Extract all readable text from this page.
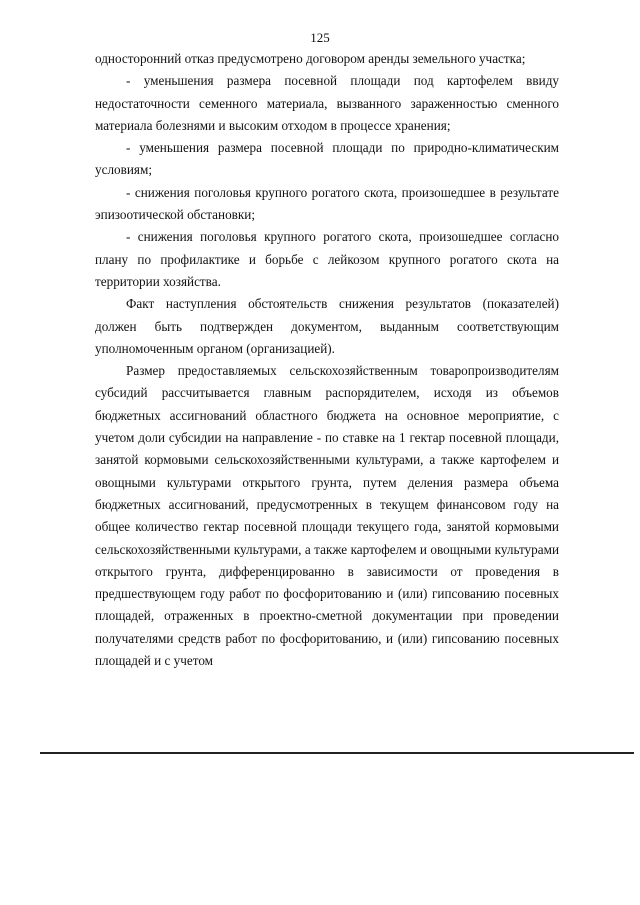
125

односторонний отказ предусмотрено договором аренды земельного участка;

- уменьшения размера посевной площади под картофелем ввиду недостаточности семенного материала, вызванного зараженностью сменного материала болезнями и высоким отходом в процессе хранения;

- уменьшения размера посевной площади по природно-климатическим условиям;

- снижения поголовья крупного рогатого скота, произошедшее в результате эпизоотической обстановки;

- снижения поголовья крупного рогатого скота, произошедшее согласно плану по профилактике и борьбе с лейкозом крупного рогатого скота на территории хозяйства.

Факт наступления обстоятельств снижения результатов (показателей) должен быть подтвержден документом, выданным соответствующим уполномоченным органом (организацией).

Размер предоставляемых сельскохозяйственным товаропроизводителям субсидий рассчитывается главным распорядителем, исходя из объемов бюджетных ассигнований областного бюджета на основное мероприятие, с учетом доли субсидии на направление - по ставке на 1 гектар посевной площади, занятой кормовыми сельскохозяйственными культурами, а также картофелем и овощными культурами открытого грунта, путем деления размера объема бюджетных ассигнований, предусмотренных в текущем финансовом году на общее количество гектар посевной площади текущего года, занятой кормовыми сельскохозяйственными культурами, а также картофелем и овощными культурами открытого грунта, дифференцированно в зависимости от проведения в предшествующем году работ по фосфоритованию и (или) гипсованию посевных площадей, отраженных в проектно-сметной документации при проведении получателями средств работ по фосфоритованию, и (или) гипсованию посевных площадей и с учетом
